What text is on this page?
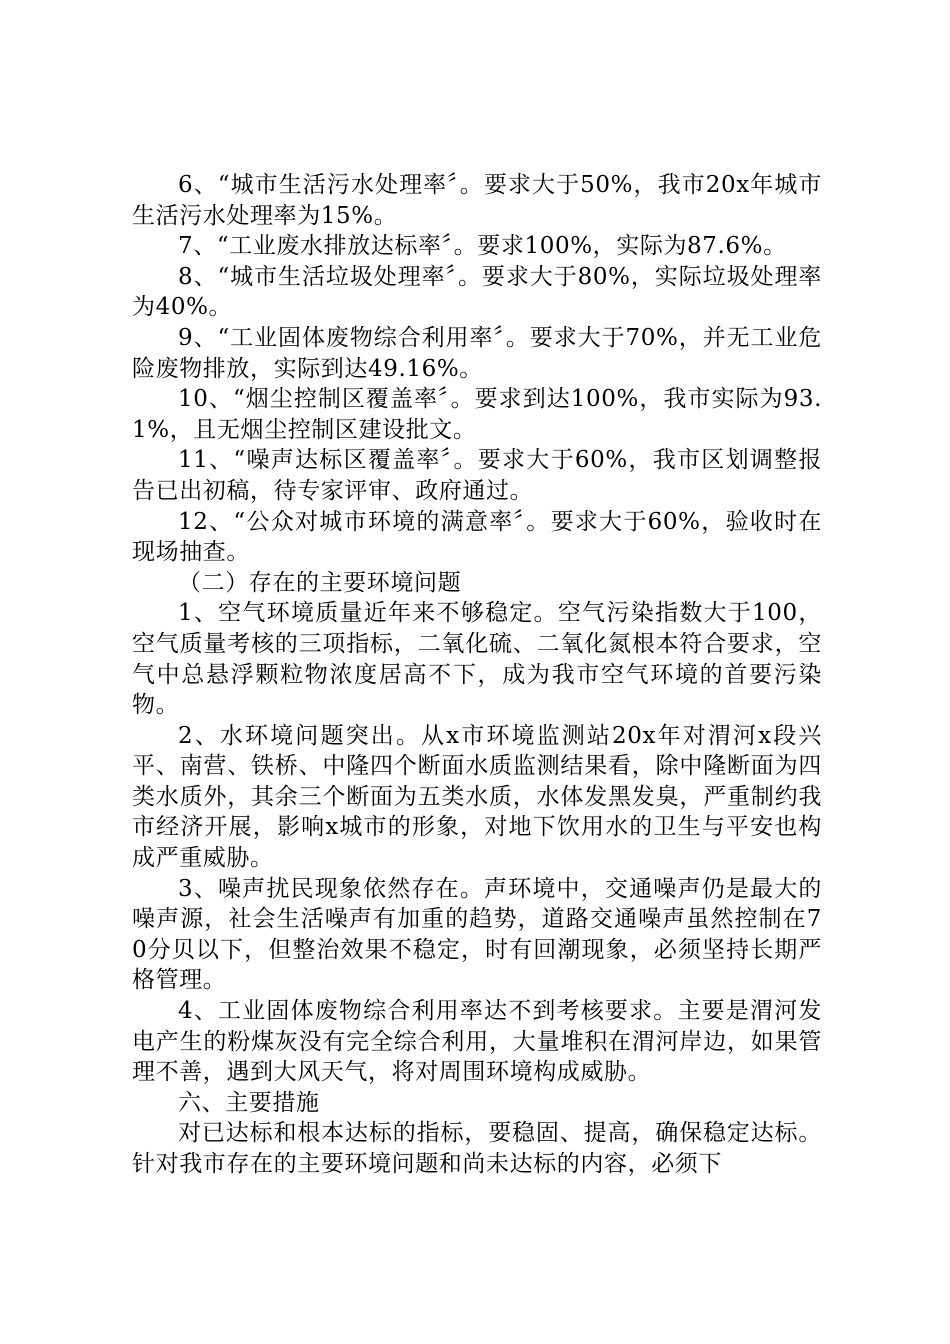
6、“城市生活污水处理率〞。要求大于50%，我市20x年城市生活污水处理率为15%。

7、“工业废水排放达标率〞。要求100%，实际为87.6%。

8、“城市生活垃圾处理率〞。要求大于80%，实际垃圾处理率为40%。

9、“工业固体废物综合利用率〞。要求大于70%，并无工业危险废物排放，实际到达49.16%。

10、“烟尘控制区覆盖率〞。要求到达100%，我市实际为93.1%，且无烟尘控制区建设批文。

11、“噪声达标区覆盖率〞。要求大于60%，我市区划调整报告已出初稿，待专家评审、政府通过。

12、“公众对城市环境的满意率〞。要求大于60%，验收时在现场抽查。

（二）存在的主要环境问题

1、空气环境质量近年来不够稳定。空气污染指数大于100，空气质量考核的三项指标，二氧化硫、二氧化氮根本符合要求，空气中总悬浮颗粒物浓度居高不下，成为我市空气环境的首要污染物。

2、水环境问题突出。从x市环境监测站20x年对渭河x段兴平、南营、铁桥、中隆四个断面水质监测结果看，除中隆断面为四类水质外，其余三个断面为五类水质，水体发黑发臭，严重制约我市经济开展，影响x城市的形象，对地下饮用水的卫生与平安也构成严重威胁。

3、噪声扰民现象依然存在。声环境中，交通噪声仍是最大的噪声源，社会生活噪声有加重的趋势，道路交通噪声虽然控制在70分贝以下，但整治效果不稳定，时有回潮现象，必须坚持长期严格管理。

4、工业固体废物综合利用率达不到考核要求。主要是渭河发电产生的粉煤灰没有完全综合利用，大量堆积在渭河岸边，如果管理不善，遇到大风天气，将对周围环境构成威胁。

六、主要措施

对已达标和根本达标的指标，要稳固、提高，确保稳定达标。针对我市存在的主要环境问题和尚未达标的内容，必须下
